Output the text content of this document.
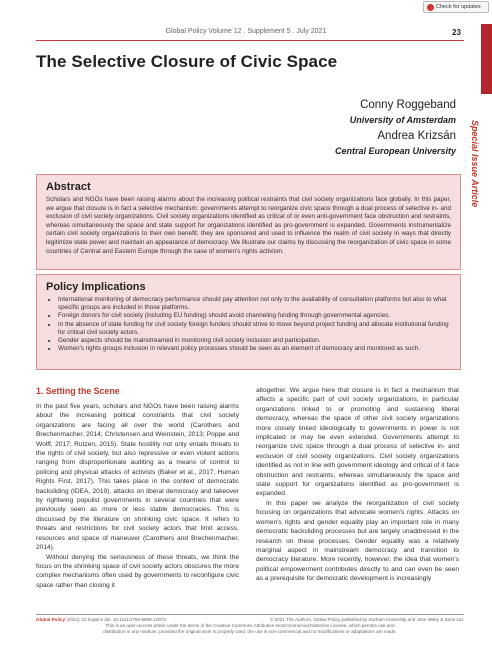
Check for updates
Global Policy Volume 12 . Supplement 5 . July 2021	23
Special Issue Article
The Selective Closure of Civic Space
Conny Roggeband
University of Amsterdam
Andrea Krizsán
Central European University
Abstract

Scholars and NGOs have been raising alarms about the increasing political restraints that civil society organizations face globally. In this paper, we argue that closure is in fact a selective mechanism: governments attempt to reorganize civic space through a dual process of selective in- and exclusion of civil society organizations. Civil society organizations identified as critical of or even anti-government face obstruction and restraints, whereas simultaneously the space and state support for organizations identified as pro-government is expanded. Governments instrumentalize certain civil society organizations to their own benefit: they are sponsored and used to influence the realm of civil society in ways that directly legitimize state power and maintain an appearance of democracy. We illustrate our claims by discussing the reorganization of civic space in some countries of Central and Eastern Europe through the case of women's rights activism.

Policy Implications
■ International monitoring of democracy performance should pay attention not only to the availability of consultation platforms but also to what specific groups are included in those platforms.
■ Foreign donors for civil society (including EU funding) should avoid channeling funding through governmental agencies.
■ In the absence of state funding for civil society foreign funders should strive to move beyond project funding and allocate institutional funding for critical civil society actors.
■ Gender aspects should be mainstreamed in monitoring civil society inclusion and participation.
■ Women's rights groups inclusion in relevant policy processes should be seen as an element of democracy and monitored as such.
1. Setting the Scene

In the past five years, scholars and NGOs have been raising alarms about the increasing political constraints that civil society organizations are facing all over the world (Carothers and Brechenmacher, 2014; Christensen and Weinstein, 2013; Poppe and Wolff, 2017; Rutzen, 2015). State hostility not only entails threats to the rights of civil society, but also repressive or even violent actions ranging from disproportionate auditing as a means of control to policing and physical attacks of activists (Baker et al., 2017; Human Rights First, 2017). This takes place in the context of democratic backsliding (IDEA, 2019), attacks on liberal democracy and takeover by rightwing populist governments in several countries that were previously seen as more or less stable democracies. This is discussed by the literature on shrinking civic space. It refers to threats and restrictions for civil society actors that limit access, resources and space of maneuver (Carothers and Brechenmacher, 2014).

Without denying the seriousness of these threats, we think the focus on the shrinking space of civil society actors obscures the more complex mechanisms often used by governments to reconfigure civic space rather than closing it

altogether. We argue here that closure is in fact a mechanism that affects a specific part of civil society organizations, in particular organizations linked to or promoting and sustaining liberal democracy, whereas the space of other civil society organizations more closely linked ideologically to governments in power is not implicated or may be even extended. Governments attempt to reorganize civic space through a dual process of selective in- and exclusion of civil society organizations. Civil society organizations identified as not in line with government ideology and critical of it face obstruction and restraints, whereas simultaneously the space and state support for organizations identified as pro-government is expanded.

In this paper we analyze the reorganization of civil society focusing on organizations that advocate women's rights. Attacks on women's rights and gender equality play an important role in many democratic backsliding processes but are largely unaddressed in the research on these processes. Gender equality was a relatively marginal aspect in mainstream democracy and transition to democracy literature. More recently, however, the idea that women's political empowerment contributes directly to and can even be seen as a prerequisite for democratic development is increasingly

Global Policy (2021) 12:Suppl.5 doi: 10.1111/1758-5899.12973	© 2021 The Authors. Global Policy published by Durham University and John Wiley & Sons Ltd.
This is an open access article under the terms of the Creative Commons Attribution-NonCommercial-NoDerivs License, which permits use and
distribution in any medium, provided the original work is properly cited, the use is non-commercial and no modifications or adaptations are made.
